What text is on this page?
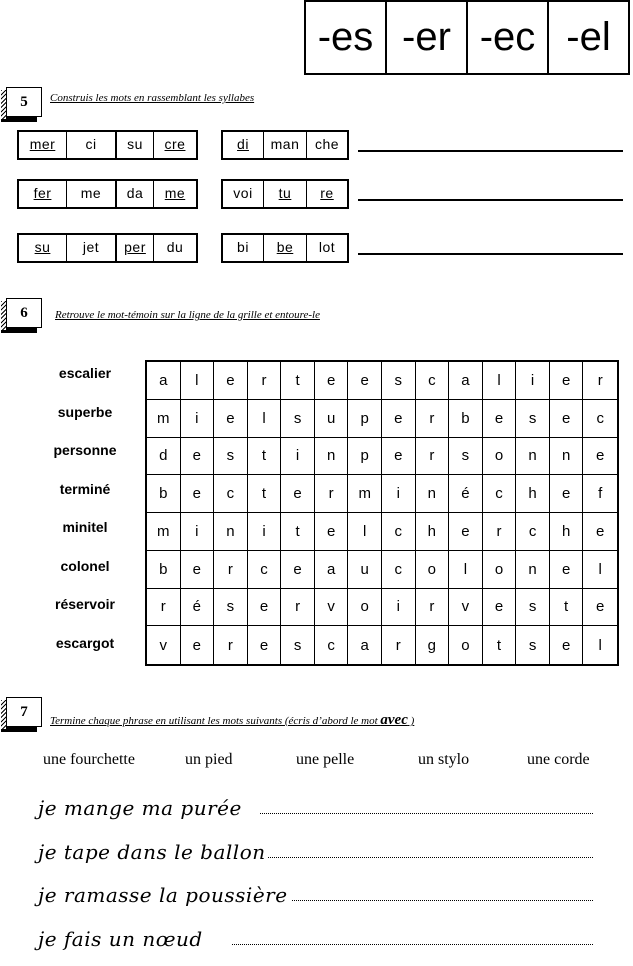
-es -er -ec -el
5	Construis les mots en rassemblant les syllabes
mer	ci	su	cre	di	man	che
fer	me	da	me	voi	tu	re
su	jet	per	du	bi	be	lot
6	Retrouve le mot-témoin sur la ligne de la grille et entoure-le
escalier
superbe
personne
terminé
minitel
colonel
réservoir
escargot
a	l	e	r	t	e	e	s	c	a	l	i	e	r
m	i	e	l	s	u	p	e	r	b	e	s	e	c
d	e	s	t	i	n	p	e	r	s	o	n	n	e
b	e	c	t	e	r	m	i	n	é	c	h	e	f
m	i	n	i	t	e	l	c	h	e	r	c	h	e
b	e	r	c	e	a	u	c	o	l	o	n	e	l
r	é	s	e	r	v	o	i	r	v	e	s	t	e
v	e	r	e	s	c	a	r	g	o	t	s	e	l
7
Termine chaque phrase en utilisant les mots suivants (écris d’abord le mot avec )
une fourchette	un pied	une pelle	un stylo	une corde
je mange ma purée
je tape dans le ballon
je ramasse la poussière
je fais un nœud
